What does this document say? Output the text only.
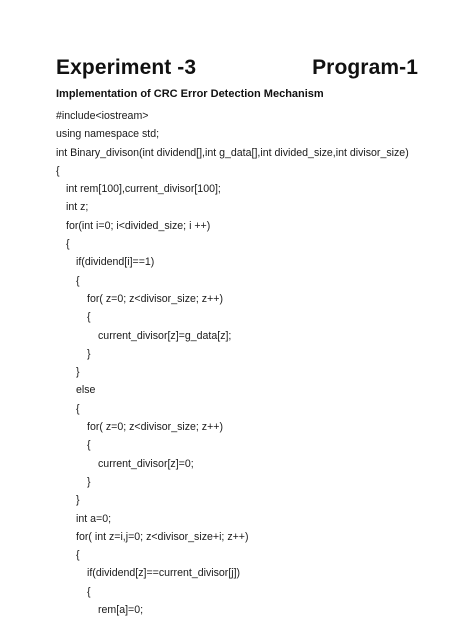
Experiment -3	Program-1
Implementation of CRC Error Detection Mechanism
#include<iostream>
using namespace std;
int Binary_divison(int dividend[],int g_data[],int divided_size,int divisor_size)
{
int rem[100],current_divisor[100];
int z;
for(int i=0; i<divided_size; i ++)
{
if(dividend[i]==1)
{
for( z=0; z<divisor_size; z++)
{
current_divisor[z]=g_data[z];
}
}
else
{
for( z=0; z<divisor_size; z++)
{
current_divisor[z]=0;
}
}
int a=0;
for( int z=i,j=0; z<divisor_size+i; z++)
{
if(dividend[z]==current_divisor[j])
{
rem[a]=0;
